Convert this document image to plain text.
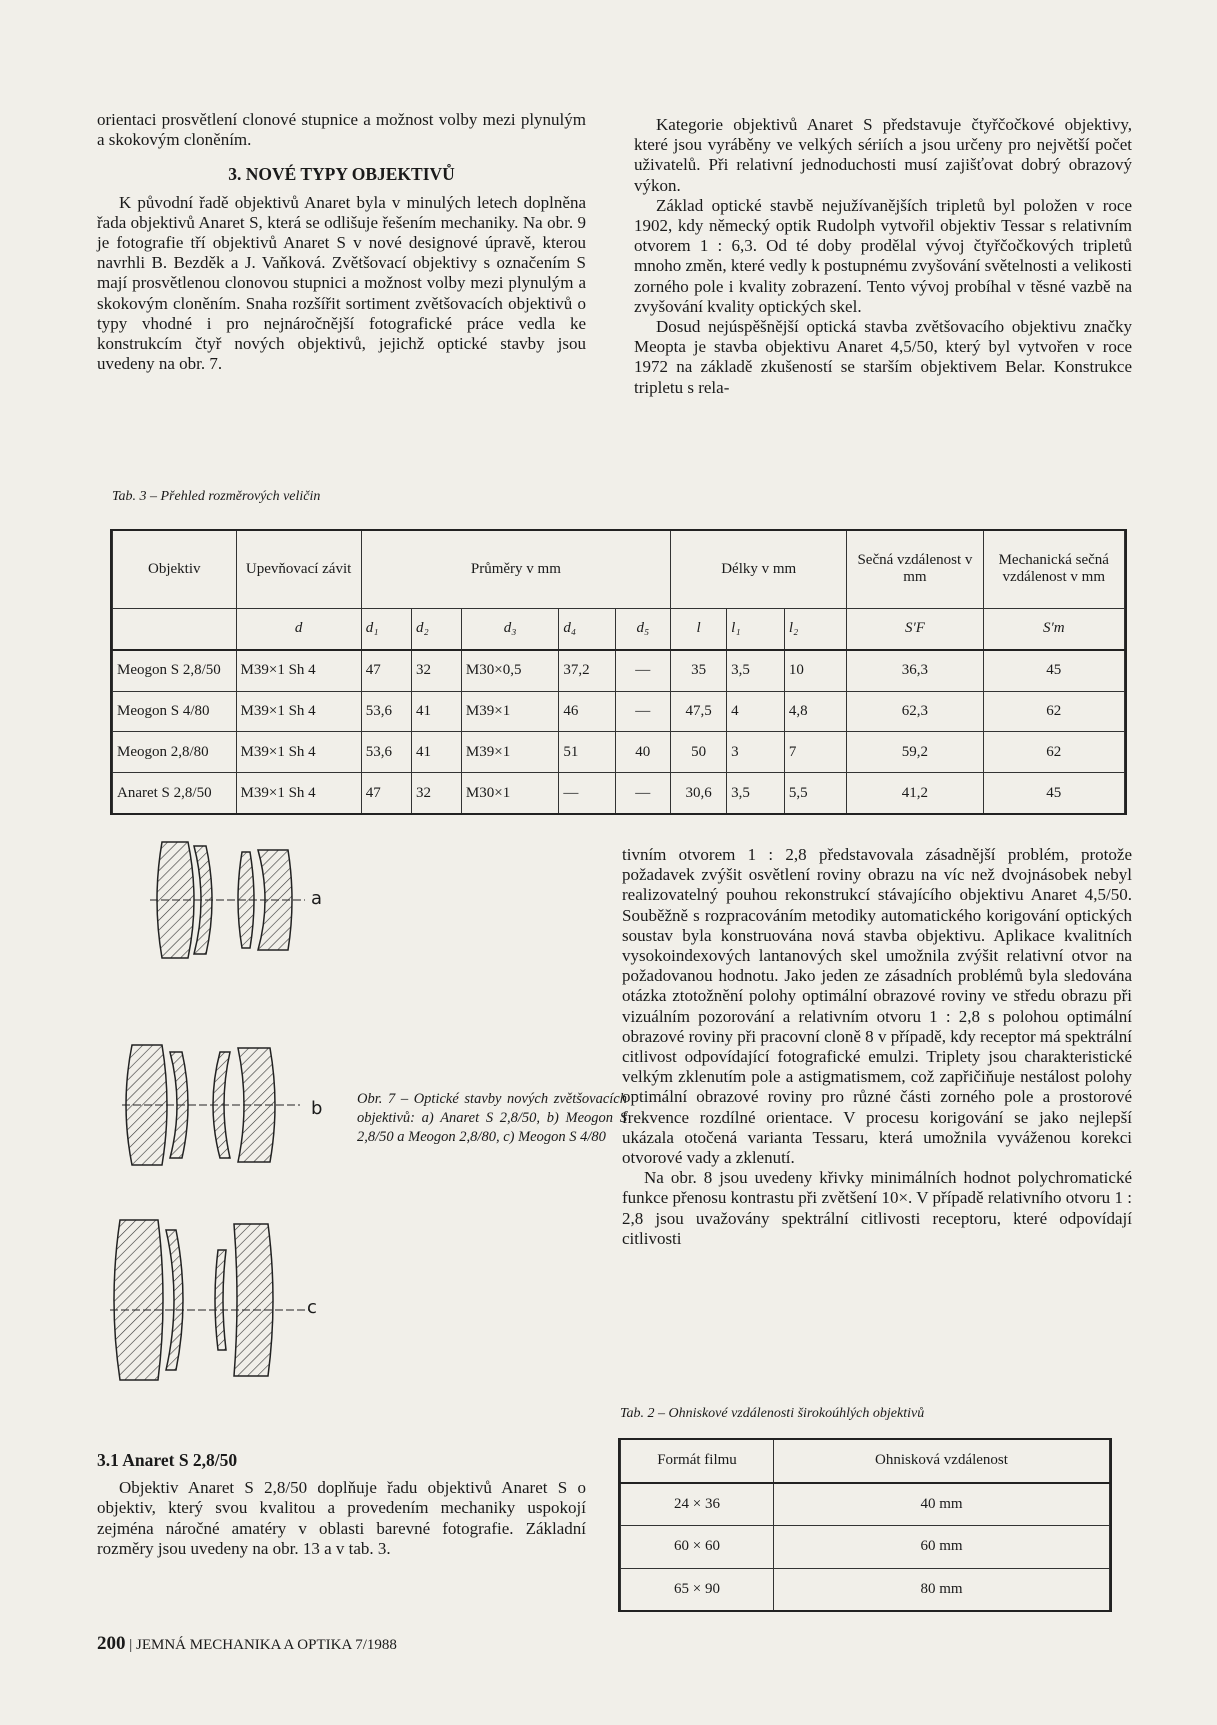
orientaci prosvětlení clonové stupnice a možnost volby mezi plynulým a skokovým cloněním.

3. NOVÉ TYPY OBJEKTIVŮ

K původní řadě objektivů Anaret byla v minulých letech doplněna řada objektivů Anaret S, která se odlišuje řešením mechaniky. Na obr. 9 je fotografie tří objektivů Anaret S v nové designové úpravě, kterou navrhli B. Bezděk a J. Vaňková. Zvětšovací objektivy s označením S mají prosvětlenou clonovou stupnici a možnost volby mezi plynulým a skokovým cloněním. Snaha rozšířit sortiment zvětšovacích objektivů o typy vhodné i pro nejnáročnější fotografické práce vedla ke konstrukcím čtyř nových objektivů, jejichž optické stavby jsou uvedeny na obr. 7.

Kategorie objektivů Anaret S představuje čtyřčočkové objektivy, které jsou vyráběny ve velkých sériích a jsou určeny pro největší počet uživatelů. Při relativní jednoduchosti musí zajišťovat dobrý obrazový výkon.

Základ optické stavbě nejužívanějších tripletů byl položen v roce 1902, kdy německý optik Rudolph vytvořil objektiv Tessar s relativním otvorem 1 : 6,3. Od té doby prodělal vývoj čtyřčočkových tripletů mnoho změn, které vedly k postupnému zvyšování světelnosti a velikosti zorného pole i kvality zobrazení. Tento vývoj probíhal v těsné vazbě na zvyšování kvality optických skel.

Dosud nejúspěšnější optická stavba zvětšovacího objektivu značky Meopta je stavba objektivu Anaret 4,5/50, který byl vytvořen v roce 1972 na základě zkušeností se starším objektivem Belar. Konstrukce tripletu s rela-

Tab. 3 – Přehled rozměrových veličin
Objektiv	Upevňovací závit	Průměry v mm					Délky v mm			Sečná vzdálenost v mm	Mechanická sečná vzdálenost v mm
	d	d₁	d₂	d₃	d₄	d₅	l	l₁	l₂	S′F	S′m
Meogon S 2,8/50	M39×1 Sh 4	47	32	M30×0,5	37,2	—	35	3,5	10	36,3	45
Meogon S 4/80	M39×1 Sh 4	53,6	41	M39×1	46	—	47,5	4	4,8	62,3	62
Meogon 2,8/80	M39×1 Sh 4	53,6	41	M39×1	51	40	50	3	7	59,2	62
Anaret S 2,8/50	M39×1 Sh 4	47	32	M30×1	—	—	30,6	3,5	5,5	41,2	45
a
b
c
Obr. 7 – Optické stavby nových zvětšovacích objektivů: a) Anaret S 2,8/50, b) Meogon S 2,8/50 a Meogon 2,8/80, c) Meogon S 4/80

3.1 Anaret S 2,8/50

Objektiv Anaret S 2,8/50 doplňuje řadu objektivů Anaret S o objektiv, který svou kvalitou a provedením mechaniky uspokojí zejména náročné amatéry v oblasti barevné fotografie. Základní rozměry jsou uvedeny na obr. 13 a v tab. 3.

tivním otvorem 1 : 2,8 představovala zásadnější problém, protože požadavek zvýšit osvětlení roviny obrazu na víc než dvojnásobek nebyl realizovatelný pouhou rekonstrukcí stávajícího objektivu Anaret 4,5/50. Souběžně s rozpracováním metodiky automatického korigování optických soustav byla konstruována nová stavba objektivu. Aplikace kvalitních vysokoindexových lantanových skel umožnila zvýšit relativní otvor na požadovanou hodnotu. Jako jeden ze zásadních problémů byla sledována otázka ztotožnění polohy optimální obrazové roviny ve středu obrazu při vizuálním pozorování a relativním otvoru 1 : 2,8 s polohou optimální obrazové roviny při pracovní cloně 8 v případě, kdy receptor má spektrální citlivost odpovídající fotografické emulzi. Triplety jsou charakteristické velkým zklenutím pole a astigmatismem, což zapřičiňuje nestálost polohy optimální obrazové roviny pro různé části zorného pole a prostorové frekvence rozdílné orientace. V procesu korigování se jako nejlepší ukázala otočená varianta Tessaru, která umožnila vyváženou korekci otvorové vady a zklenutí.

Na obr. 8 jsou uvedeny křivky minimálních hodnot polychromatické funkce přenosu kontrastu při zvětšení 10×. V případě relativního otvoru 1 : 2,8 jsou uvažovány spektrální citlivosti receptoru, které odpovídají citlivosti

Tab. 2 – Ohniskové vzdálenosti širokoúhlých objektivů
Formát filmu	Ohnisková vzdálenost
24 × 36	40 mm
60 × 60	60 mm
65 × 90	80 mm
200 | JEMNÁ MECHANIKA A OPTIKA 7/1988
